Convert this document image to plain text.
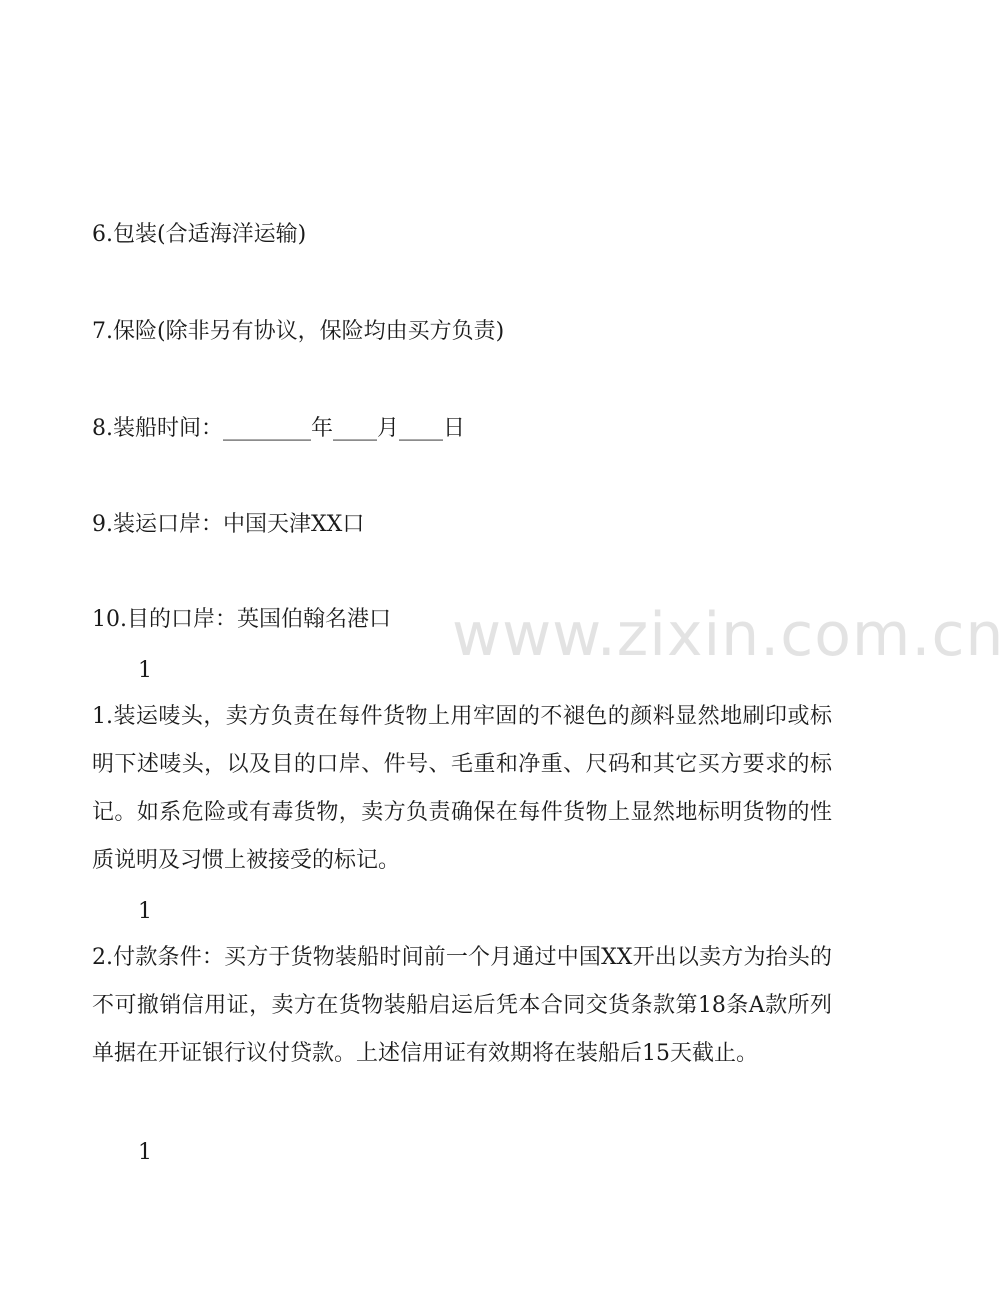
6.包装(合适海洋运输)
7.保险(除非另有协议，保险均由买方负责)
8.装船时间：________年____月____日
9.装运口岸：中国天津XX口
10.目的口岸：英国伯翰名港口
1
1.装运唛头，卖方负责在每件货物上用牢固的不褪色的颜料显然地刷印或标明下述唛头，以及目的口岸、件号、毛重和净重、尺码和其它买方要求的标记。如系危险或有毒货物，卖方负责确保在每件货物上显然地标明货物的性质说明及习惯上被接受的标记。
1
2.付款条件：买方于货物装船时间前一个月通过中国XX开出以卖方为抬头的不可撤销信用证，卖方在货物装船启运后凭本合同交货条款第18条A款所列单据在开证银行议付贷款。上述信用证有效期将在装船后15天截止。
1
www.zixin.com.cn
